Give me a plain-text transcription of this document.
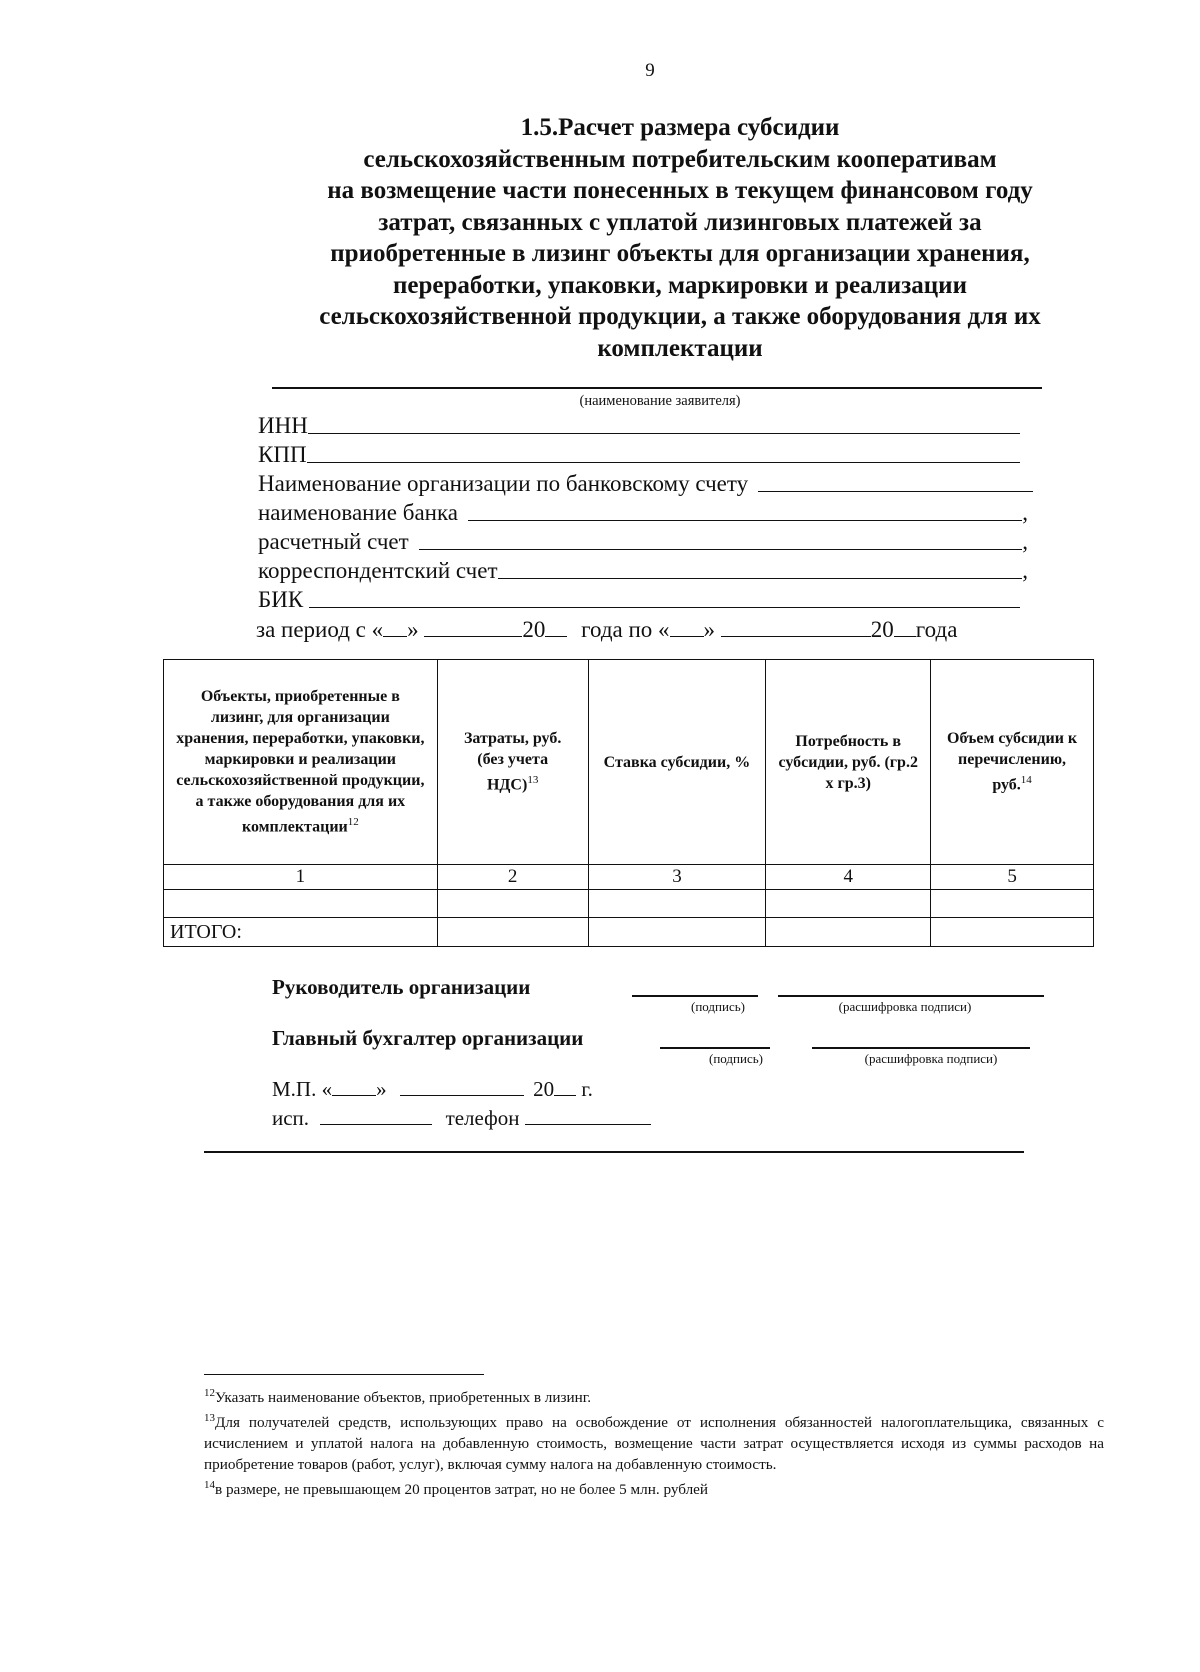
9
1.5.Расчет размера субсидии
сельскохозяйственным потребительским кооперативам
на возмещение части понесенных в текущем финансовом году
затрат, связанных с уплатой лизинговых платежей за
приобретенные в лизинг объекты для организации хранения,
переработки, упаковки, маркировки и реализации
сельскохозяйственной продукции, а также оборудования для их
комплектации
(наименование заявителя)
ИНН
КПП
Наименование организации по банковскому счету
наименование банка	,
расчетный счет	,
корреспондентский счет	,
БИК
за период с « »	20 года по « »	20 года
Объекты, приобретенные в лизинг, для организации хранения, переработки, упаковки, маркировки и реализации сельскохозяйственной продукции, а также оборудования для их комплектации$^{12}$	Затраты, руб. (без учета НДС)$^{13}$	Ставка субсидии, %	Потребность в субсидии, руб. (гр.2 х гр.3)	Объем субсидии к перечислению, руб.$^{14}$
1	2	3	4	5

ИТОГО:				
Руководитель организации
(подпись)	(расшифровка подписи)
Главный бухгалтер организации
(подпись)	(расшифровка подписи)
М.П. « »	20 г.
исп.	телефон

$^{12}$Указать наименование объектов, приобретенных в лизинг.

$^{13}$Для получателей средств, использующих право на освобождение от исполнения обязанностей налогоплательщика, связанных с исчислением и уплатой налога на добавленную стоимость, возмещение части затрат осуществляется исходя из суммы расходов на приобретение товаров (работ, услуг), включая сумму налога на добавленную стоимость.

$^{14}$в размере, не превышающем 20 процентов затрат, но не более 5 млн. рублей
